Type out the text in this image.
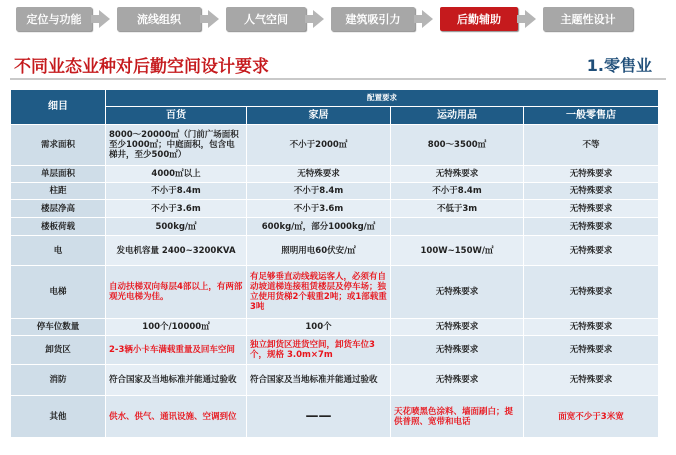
定位与功能	流线组织	人气空间	建筑吸引力	后勤辅助	主题性设计
不同业态业种对后勤空间设计要求	1.零售业
细目	配置要求			
	百货	家居	运动用品	一般零售店
需求面积	8000～20000㎡（门前广场面积至少1000㎡；中庭面积，包含电梯井，至少500㎡）	不小于2000㎡	800～3500㎡	不等
单层面积	4000㎡以上	无特殊要求	无特殊要求	无特殊要求
柱距	不小于8.4m	不小于8.4m	不小于8.4m	无特殊要求
楼层净高	不小于3.6m	不小于3.6m	不低于3m	无特殊要求
楼板荷载	500kg/㎡	600kg/㎡，部分1000kg/㎡		无特殊要求
电	发电机容量 2400~3200KVA	照明用电60伏安/㎡	100W~150W/㎡	无特殊要求
电梯	自动扶梯双向每层4部以上，有两部观光电梯为佳。	有足够垂直动线载运客人，必须有自动坡道梯连接租赁楼层及停车场；独立使用货梯2个载重2吨；或1部载重3吨	无特殊要求	无特殊要求
停车位数量	100个/10000㎡	100个	无特殊要求	无特殊要求
卸货区	2-3辆小卡车满载重量及回车空间	独立卸货区进货空间，卸货车位3个，规格 3.0m×7m	无特殊要求	无特殊要求
消防	符合国家及当地标准并能通过验收	符合国家及当地标准并能通过验收	无特殊要求	无特殊要求
其他	供水、供气、通讯设施、空调到位	——	天花喷黑色涂料、墙面刷白；提供普照、宽带和电话	面宽不少于3米宽
